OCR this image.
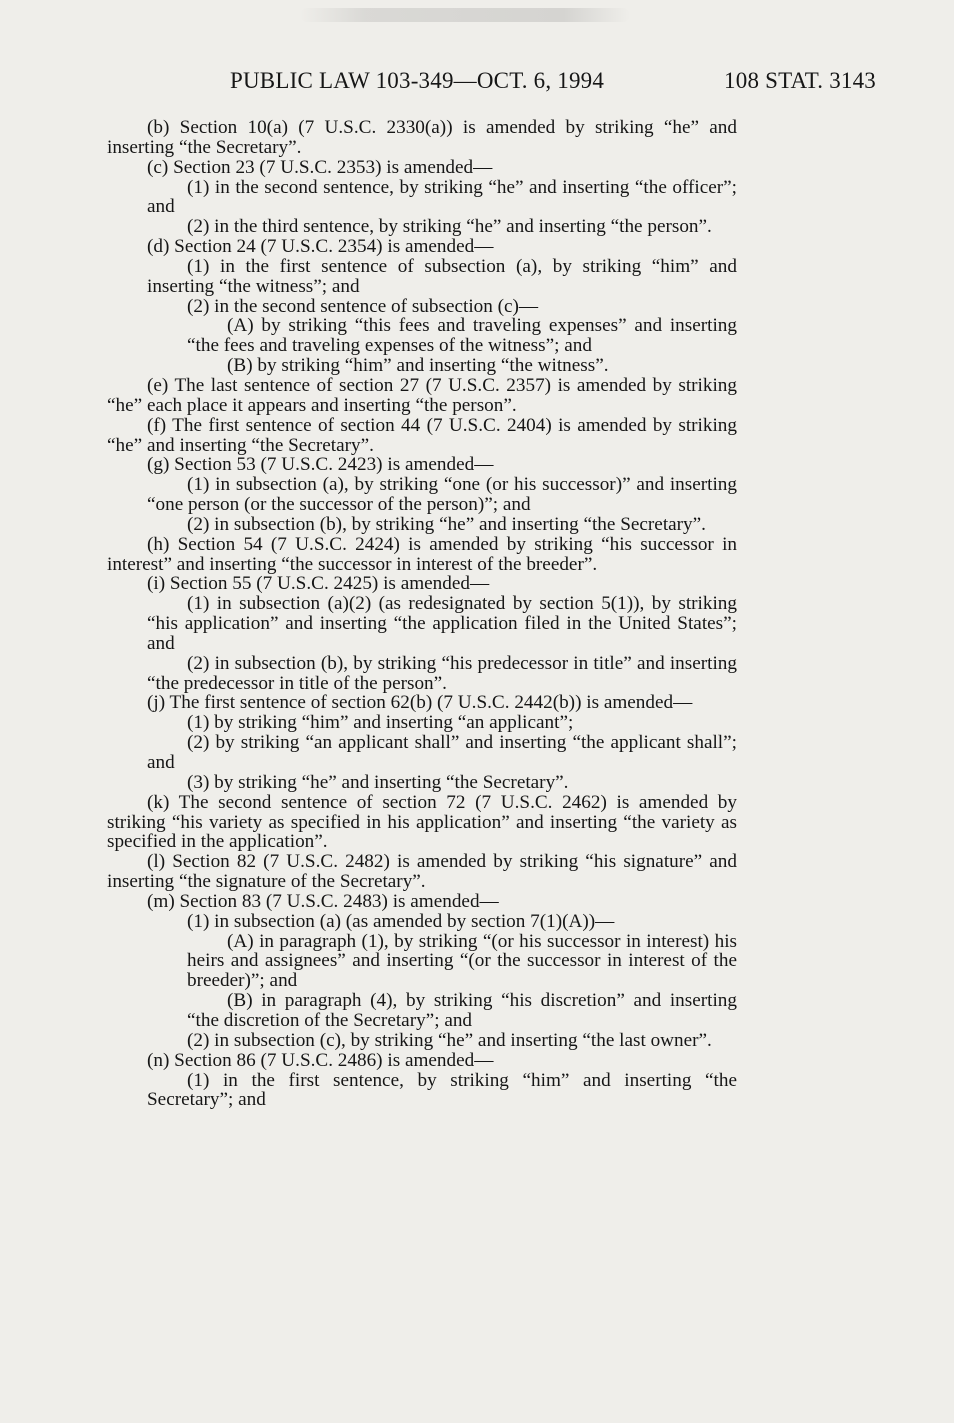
PUBLIC LAW 103-349—OCT. 6, 1994	108 STAT. 3143

(b) Section 10(a) (7 U.S.C. 2330(a)) is amended by striking “he” and inserting “the Secretary”.

(c) Section 23 (7 U.S.C. 2353) is amended—

(1) in the second sentence, by striking “he” and inserting “the officer”; and

(2) in the third sentence, by striking “he” and inserting “the person”.

(d) Section 24 (7 U.S.C. 2354) is amended—

(1) in the first sentence of subsection (a), by striking “him” and inserting “the witness”; and

(2) in the second sentence of subsection (c)—

(A) by striking “this fees and traveling expenses” and inserting “the fees and traveling expenses of the witness”; and

(B) by striking “him” and inserting “the witness”.

(e) The last sentence of section 27 (7 U.S.C. 2357) is amended by striking “he” each place it appears and inserting “the person”.

(f) The first sentence of section 44 (7 U.S.C. 2404) is amended by striking “he” and inserting “the Secretary”.

(g) Section 53 (7 U.S.C. 2423) is amended—

(1) in subsection (a), by striking “one (or his successor)” and inserting “one person (or the successor of the person)”; and

(2) in subsection (b), by striking “he” and inserting “the Secretary”.

(h) Section 54 (7 U.S.C. 2424) is amended by striking “his successor in interest” and inserting “the successor in interest of the breeder”.

(i) Section 55 (7 U.S.C. 2425) is amended—

(1) in subsection (a)(2) (as redesignated by section 5(1)), by striking “his application” and inserting “the application filed in the United States”; and

(2) in subsection (b), by striking “his predecessor in title” and inserting “the predecessor in title of the person”.

(j) The first sentence of section 62(b) (7 U.S.C. 2442(b)) is amended—

(1) by striking “him” and inserting “an applicant”;

(2) by striking “an applicant shall” and inserting “the applicant shall”; and

(3) by striking “he” and inserting “the Secretary”.

(k) The second sentence of section 72 (7 U.S.C. 2462) is amended by striking “his variety as specified in his application” and inserting “the variety as specified in the application”.

(l) Section 82 (7 U.S.C. 2482) is amended by striking “his signature” and inserting “the signature of the Secretary”.

(m) Section 83 (7 U.S.C. 2483) is amended—

(1) in subsection (a) (as amended by section 7(1)(A))—

(A) in paragraph (1), by striking “(or his successor in interest) his heirs and assignees” and inserting “(or the successor in interest of the breeder)”; and

(B) in paragraph (4), by striking “his discretion” and inserting “the discretion of the Secretary”; and

(2) in subsection (c), by striking “he” and inserting “the last owner”.

(n) Section 86 (7 U.S.C. 2486) is amended—

(1) in the first sentence, by striking “him” and inserting “the Secretary”; and
